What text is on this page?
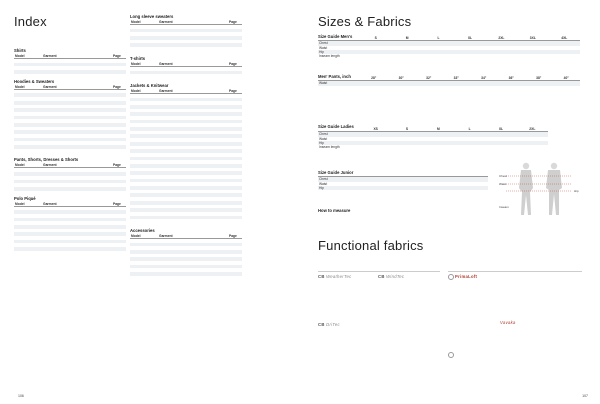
Index
Shirts
Model	Garment	Page

Hoodies & Sweaters
Model	Garment	Page

Pants, Shorts, Dresses & Shorts
Model	Garment	Page

Polo Piqué
Model	Garment	Page

Long sleeve sweaters
Model	Garment	Page

T-shirts
Model	Garment	Page

Jackets & Knitwear
Model	Garment	Page

Accessories
Model	Garment	Page

106
Sizes & Fabrics
Size Guide Men's
		S	M	L	XL	2XL	3XL	4XL
Chest							
Waist							
Hip							
Inseam length							
Men' Pants, inch
		28"	30"	32"	33"	34"	36"	38"	40"
Waist								
Size Guide Ladies
	XS	S	M	L	XL	2XL
Chest						
Waist						
Hip						
Inseam length						
Size Guide Junior

Chest				
Waist				
Hip				
Chest
Waist
Hip
Inseam
How to measure
Functional fabrics
CB WeatherTec	CB WindTec
CB DriTec
PrimaLoft
Vavaka
107
